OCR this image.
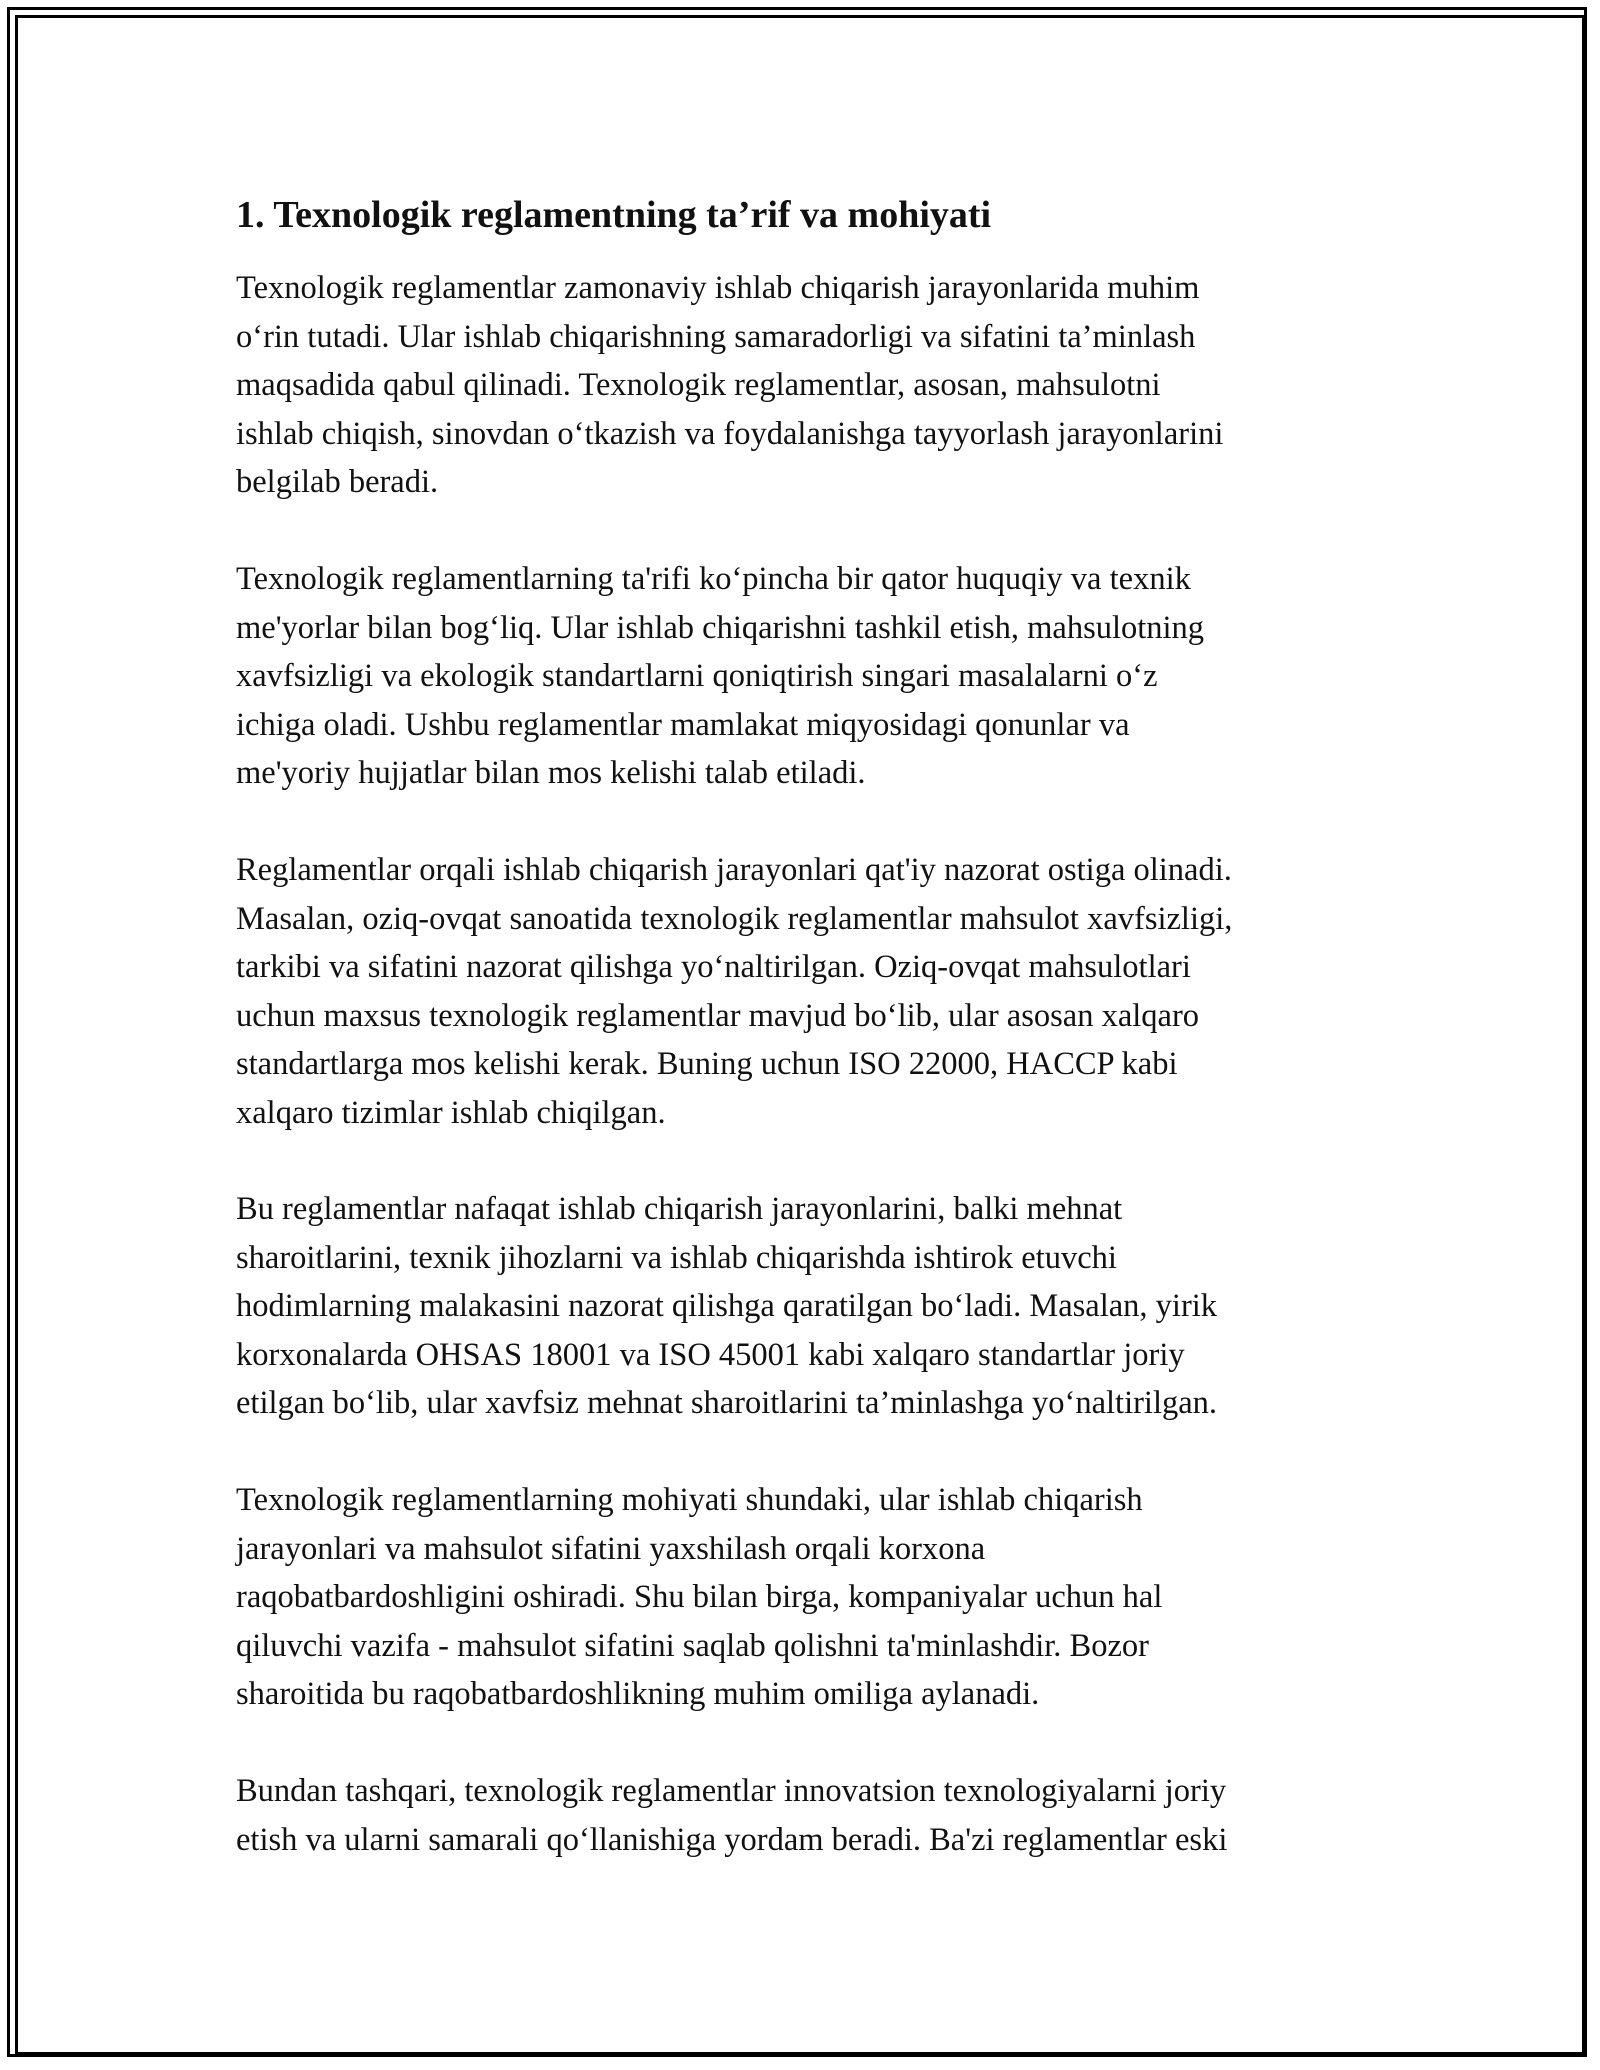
1. Texnologik reglamentning ta’rif va mohiyati

Texnologik reglamentlar zamonaviy ishlab chiqarish jarayonlarida muhim
o‘rin tutadi. Ular ishlab chiqarishning samaradorligi va sifatini ta’minlash
maqsadida qabul qilinadi. Texnologik reglamentlar, asosan, mahsulotni
ishlab chiqish, sinovdan o‘tkazish va foydalanishga tayyorlash jarayonlarini
belgilab beradi.

Texnologik reglamentlarning ta'rifi ko‘pincha bir qator huquqiy va texnik
me'yorlar bilan bog‘liq. Ular ishlab chiqarishni tashkil etish, mahsulotning
xavfsizligi va ekologik standartlarni qoniqtirish singari masalalarni o‘z
ichiga oladi. Ushbu reglamentlar mamlakat miqyosidagi qonunlar va
me'yoriy hujjatlar bilan mos kelishi talab etiladi.

Reglamentlar orqali ishlab chiqarish jarayonlari qat'iy nazorat ostiga olinadi.
Masalan, oziq-ovqat sanoatida texnologik reglamentlar mahsulot xavfsizligi,
tarkibi va sifatini nazorat qilishga yo‘naltirilgan. Oziq-ovqat mahsulotlari
uchun maxsus texnologik reglamentlar mavjud bo‘lib, ular asosan xalqaro
standartlarga mos kelishi kerak. Buning uchun ISO 22000, HACCP kabi
xalqaro tizimlar ishlab chiqilgan.

Bu reglamentlar nafaqat ishlab chiqarish jarayonlarini, balki mehnat
sharoitlarini, texnik jihozlarni va ishlab chiqarishda ishtirok etuvchi
hodimlarning malakasini nazorat qilishga qaratilgan bo‘ladi. Masalan, yirik
korxonalarda OHSAS 18001 va ISO 45001 kabi xalqaro standartlar joriy
etilgan bo‘lib, ular xavfsiz mehnat sharoitlarini ta’minlashga yo‘naltirilgan.

Texnologik reglamentlarning mohiyati shundaki, ular ishlab chiqarish
jarayonlari va mahsulot sifatini yaxshilash orqali korxona
raqobatbardoshligini oshiradi. Shu bilan birga, kompaniyalar uchun hal
qiluvchi vazifa - mahsulot sifatini saqlab qolishni ta'minlashdir. Bozor
sharoitida bu raqobatbardoshlikning muhim omiliga aylanadi.

Bundan tashqari, texnologik reglamentlar innovatsion texnologiyalarni joriy
etish va ularni samarali qo‘llanishiga yordam beradi. Ba'zi reglamentlar eski
